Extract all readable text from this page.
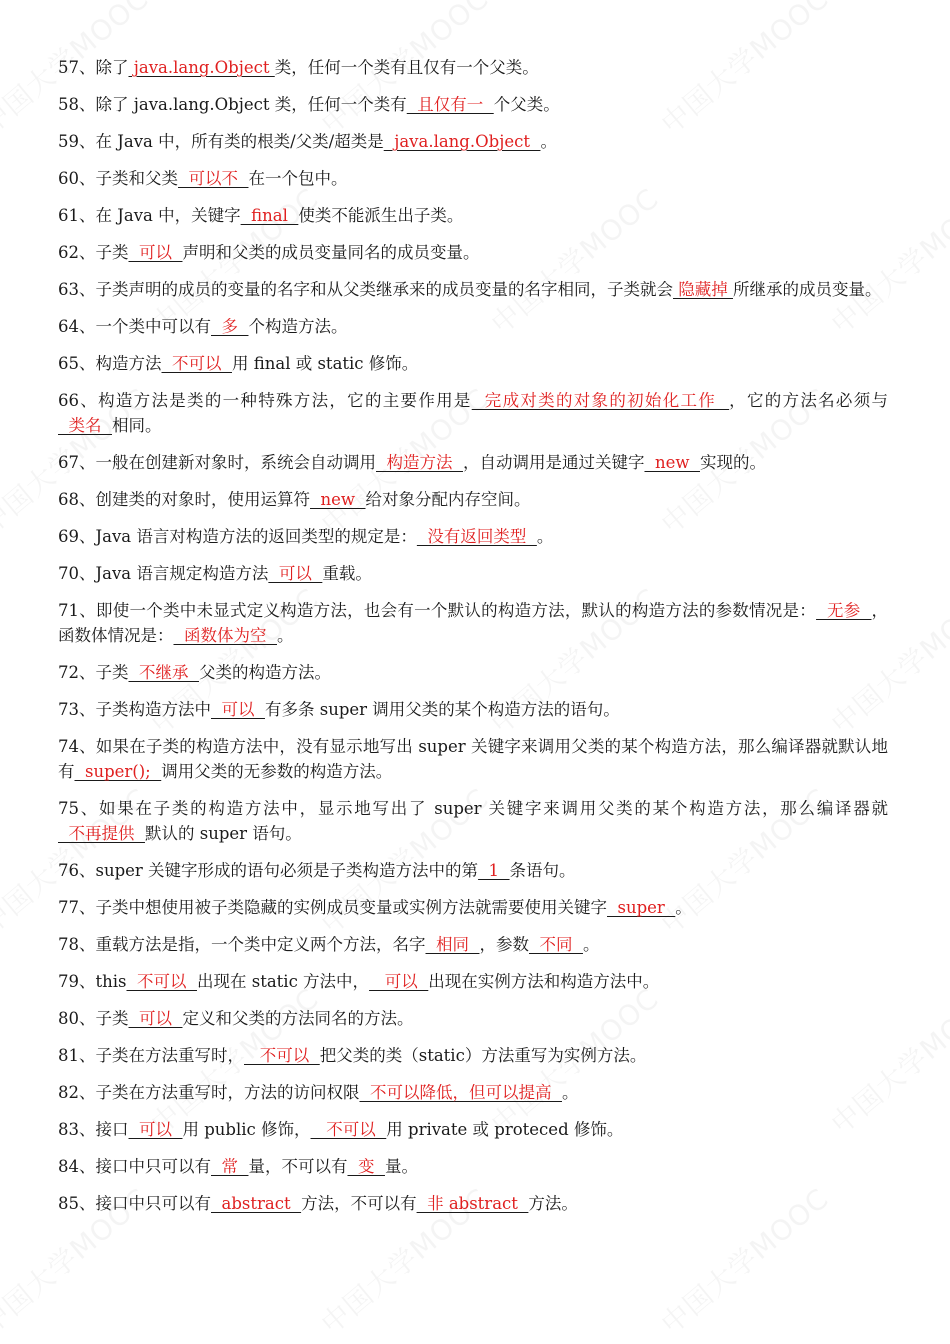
57、除了 java.lang.Object 类，任何一个类有且仅有一个父类。

58、除了 java.lang.Object 类，任何一个类有  且仅有一  个父类。

59、在 Java 中，所有类的根类/父类/超类是  java.lang.Object  。

60、子类和父类  可以不  在一个包中。

61、在 Java 中，关键字  final  使类不能派生出子类。

62、子类  可以  声明和父类的成员变量同名的成员变量。

63、子类声明的成员的变量的名字和从父类继承来的成员变量的名字相同，子类就会 隐藏掉 所继承的成员变量。

64、一个类中可以有  多  个构造方法。

65、构造方法  不可以  用 final 或 static 修饰。

66、构造方法是类的一种特殊方法，它的主要作用是  完成对类的对象的初始化工作  ，它的方法名必须与  类名  相同。

67、一般在创建新对象时，系统会自动调用  构造方法  ，自动调用是通过关键字  new  实现的。

68、创建类的对象时，使用运算符  new  给对象分配内存空间。

69、Java 语言对构造方法的返回类型的规定是：  没有返回类型  。

70、Java 语言规定构造方法  可以  重载。

71、即使一个类中未显式定义构造方法，也会有一个默认的构造方法，默认的构造方法的参数情况是：  无参  ，函数体情况是：  函数体为空  。

72、子类  不继承  父类的构造方法。

73、子类构造方法中  可以  有多条 super 调用父类的某个构造方法的语句。

74、如果在子类的构造方法中，没有显示地写出 super 关键字来调用父类的某个构造方法，那么编译器就默认地有  super();  调用父类的无参数的构造方法。

75、如果在子类的构造方法中，显示地写出了 super 关键字来调用父类的某个构造方法，那么编译器就  不再提供  默认的 super 语句。

76、super 关键字形成的语句必须是子类构造方法中的第  1  条语句。

77、子类中想使用被子类隐藏的实例成员变量或实例方法就需要使用关键字  super  。

78、重载方法是指，一个类中定义两个方法，名字  相同  ，参数  不同  。

79、this  不可以  出现在 static 方法中，   可以  出现在实例方法和构造方法中。

80、子类  可以  定义和父类的方法同名的方法。

81、子类在方法重写时，   不可以  把父类的类（static）方法重写为实例方法。

82、子类在方法重写时，方法的访问权限  不可以降低，但可以提高  。

83、接口  可以  用 public 修饰，   不可以  用 private 或 proteced 修饰。

84、接口中只可以有  常  量，不可以有  变  量。

85、接口中只可以有  abstract  方法，不可以有  非 abstract  方法。
